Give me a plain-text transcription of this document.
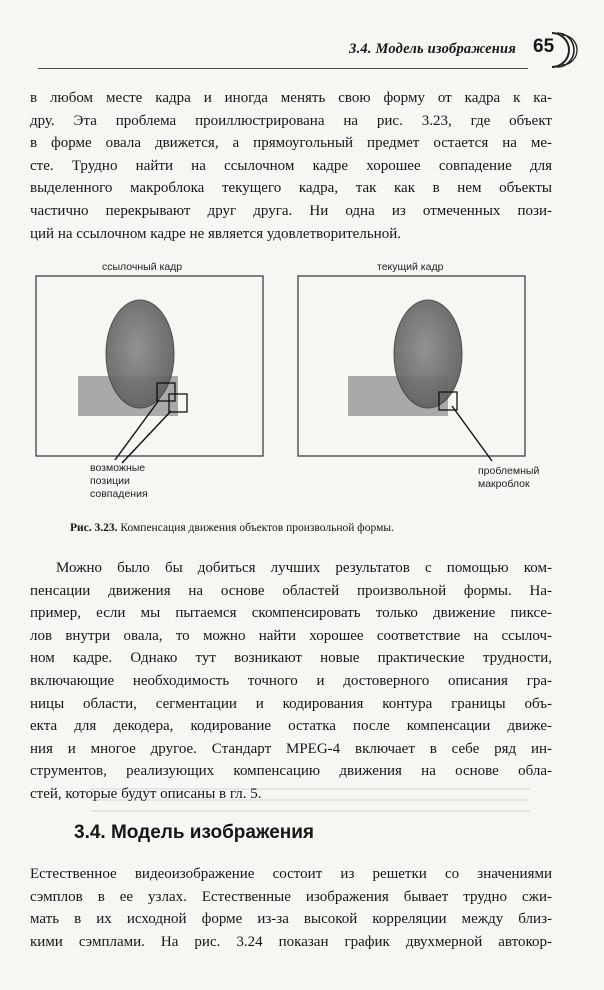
3.4. Модель изображения 65
в любом месте кадра и иногда менять свою форму от кадра к ка-
дру. Эта проблема проиллюстрирована на рис. 3.23, где объект
в форме овала движется, а прямоугольный предмет остается на ме-
сте. Трудно найти на ссылочном кадре хорошее совпадение для
выделенного макроблока текущего кадра, так как в нем объекты
частично перекрывают друг друга. Ни одна из отмеченных пози-
ций на ссылочном кадре не является удовлетворительной.
ссылочный кадр
возможные
позиции
совпадения
текущий кадр
проблемный
макроблок
Рис. 3.23. Компенсация движения объектов произвольной формы.
Можно было бы добиться лучших результатов с помощью ком-
пенсации движения на основе областей произвольной формы. На-
пример, если мы пытаемся скомпенсировать только движение пиксе-
лов внутри овала, то можно найти хорошее соответствие на ссылоч-
ном кадре. Однако тут возникают новые практические трудности,
включающие необходимость точного и достоверного описания гра-
ницы области, сегментации и кодирования контура границы объ-
екта для декодера, кодирование остатка после компенсации движе-
ния и многое другое. Стандарт MPEG-4 включает в себе ряд ин-
струментов, реализующих компенсацию движения на основе обла-
стей, которые будут описаны в гл. 5.
3.4. Модель изображения
Естественное видеоизображение состоит из решетки со значениями
сэмплов в ее узлах. Естественные изображения бывает трудно сжи-
мать в их исходной форме из-за высокой корреляции между близ-
кими сэмплами. На рис. 3.24 показан график двухмерной автокор-
